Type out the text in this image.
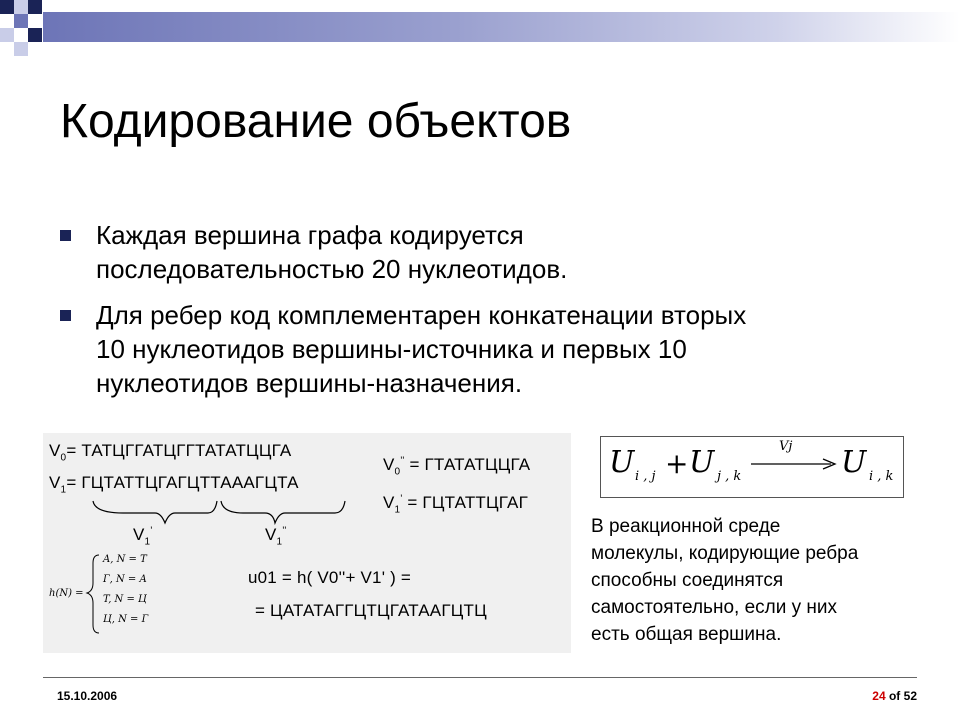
Кодирование объектов
Каждая вершина графа кодируется
последовательностью 20 нуклеотидов.
Для ребер код комплементарен конкатенации вторых
10 нуклеотидов вершины-источника и первых 10
нуклеотидов вершины-назначения.
$V_0=$ ТАТЦГГАТЦГГТАТАТЦЦГА
$V_1=$ ГЦТАТТЦГАГЦТТААAГЦТА
$V_0''$ = ГТАТАТЦЦГА
$V_1'$ = ГЦТАТТЦГАГ
$V_1'$	$V_1''$
h(N) =
A, N = T
Г, N = A
T, N = Ц
Ц, N = Г
u01 = h( V0''+ V1' ) =
= ЦАТАТАГГЦТЦГАТААГЦТЦ
U i , j + U j , k
Vj U i , k
В реакционной среде
молекулы, кодирующие ребра
способны соединятся
самостоятельно, если у них
есть общая вершина.
15.10.2006	24 of 52
